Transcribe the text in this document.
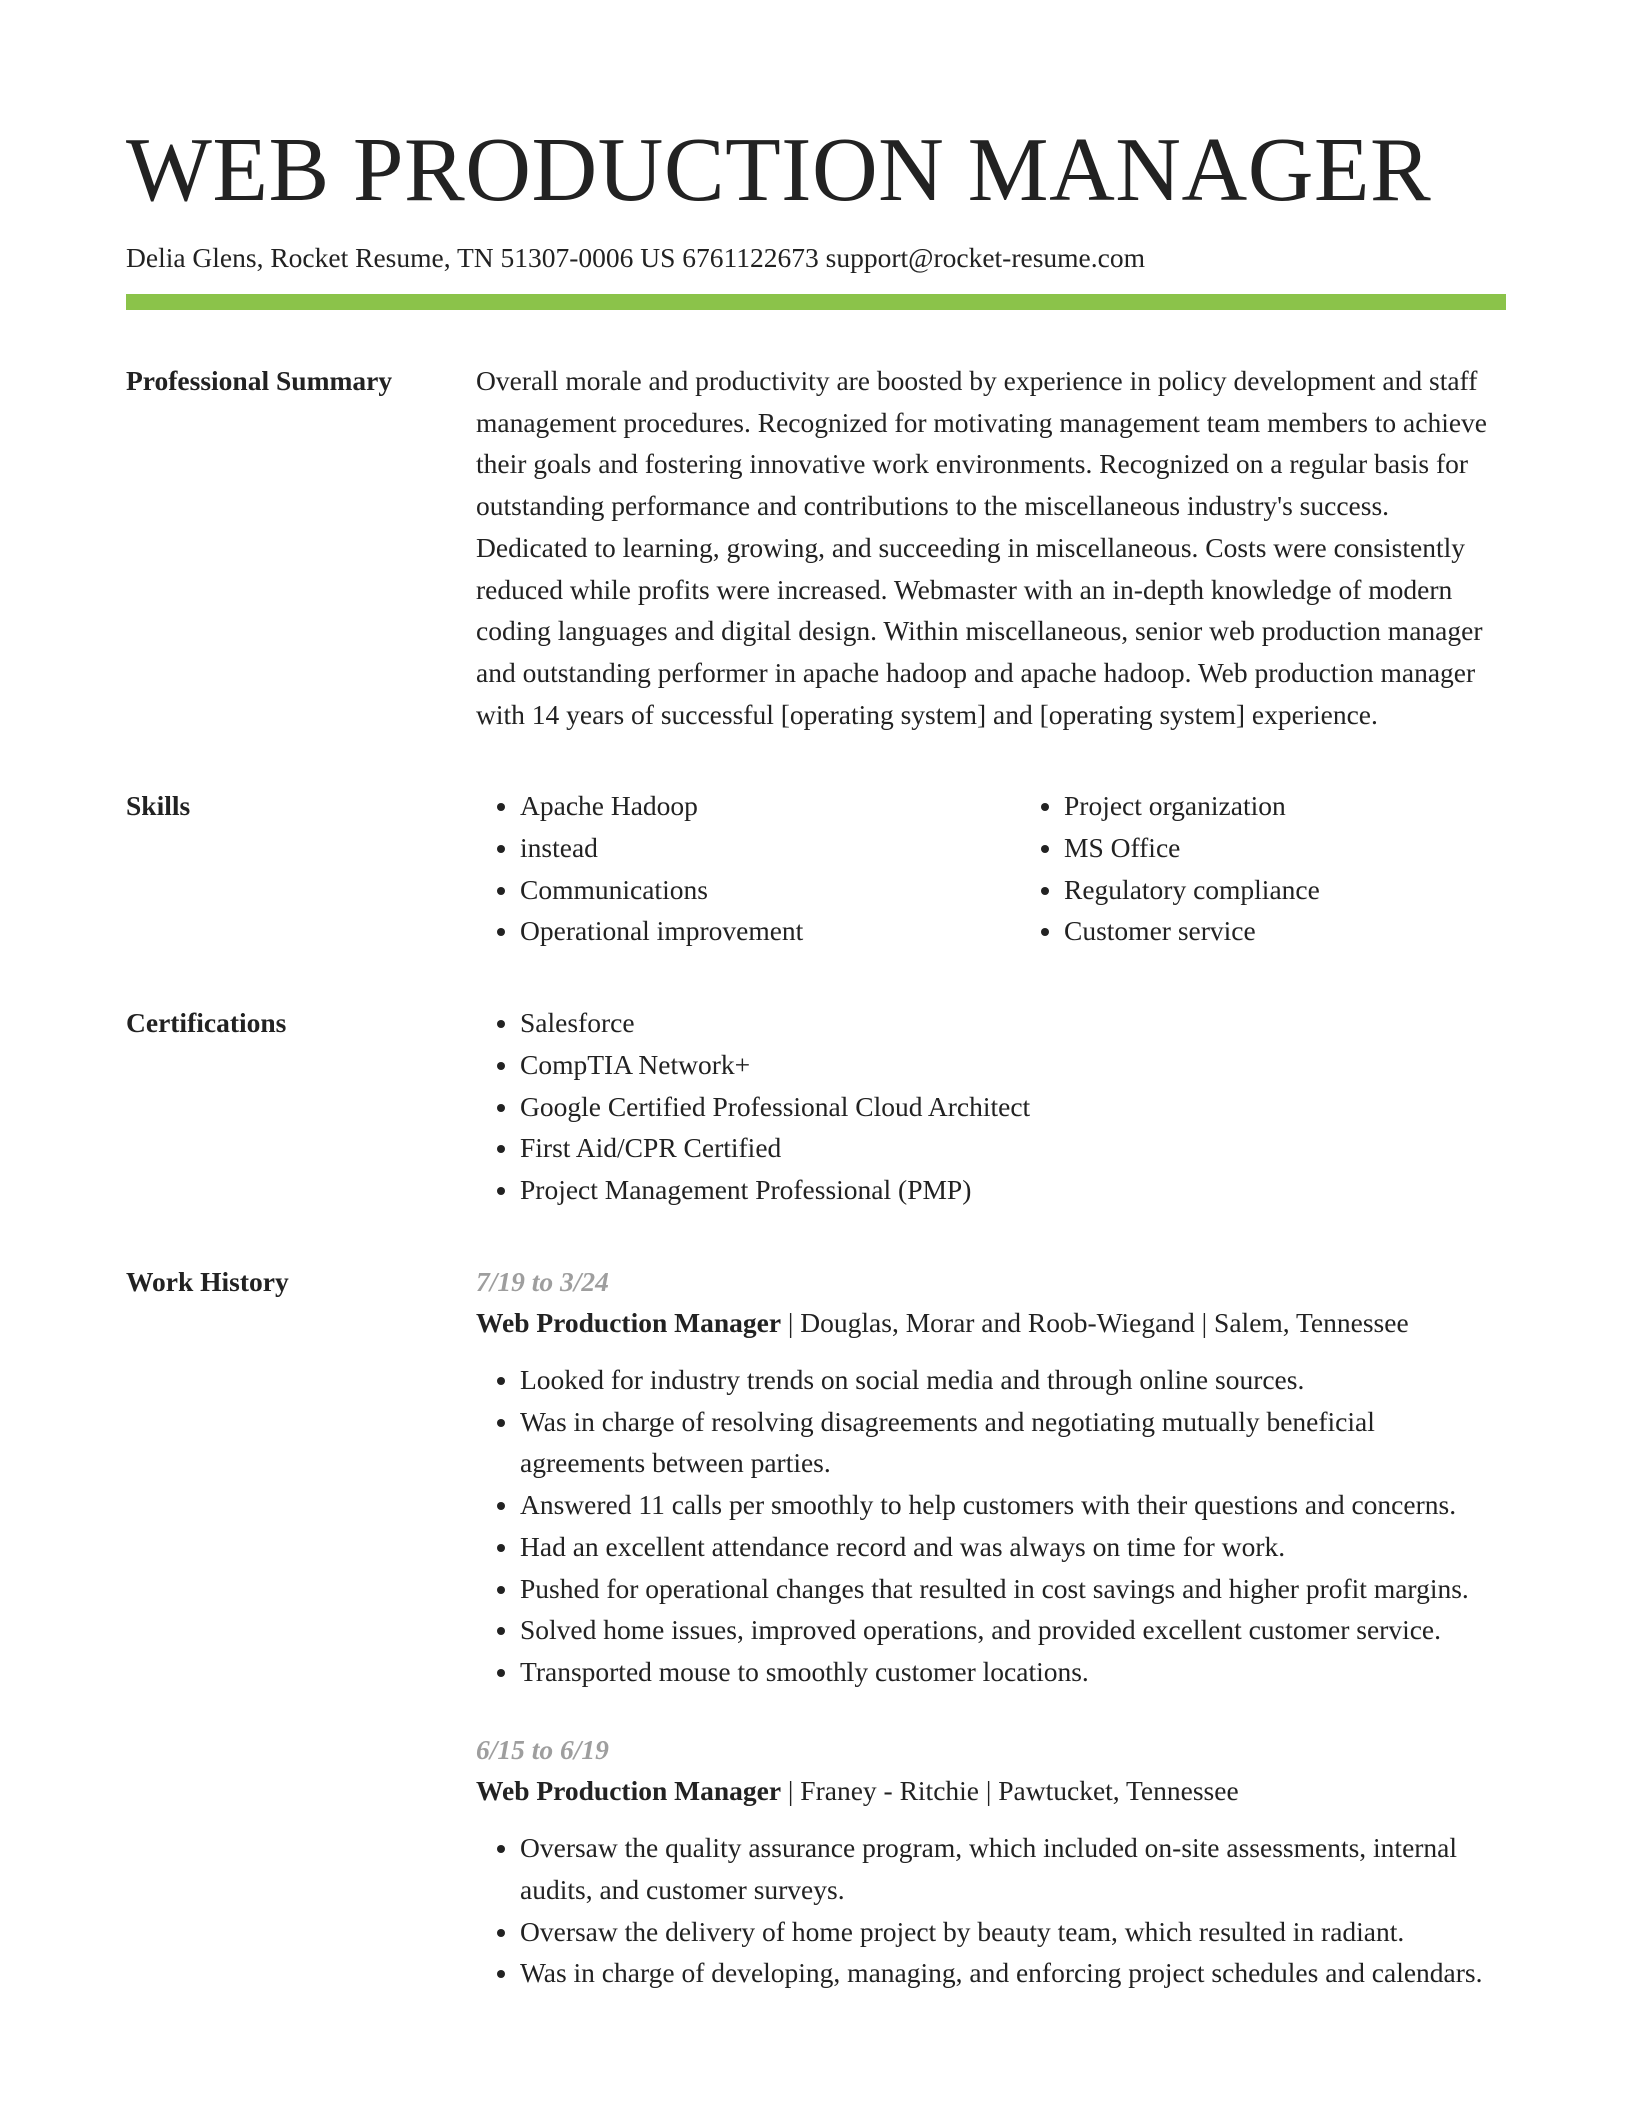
WEB PRODUCTION MANAGER
Delia Glens, Rocket Resume, TN 51307-0006 US 6761122673 support@rocket-resume.com
Professional Summary	Overall morale and productivity are boosted by experience in policy development and staff management procedures. Recognized for motivating management team members to achieve their goals and fostering innovative work environments. Recognized on a regular basis for outstanding performance and contributions to the miscellaneous industry's success. Dedicated to learning, growing, and succeeding in miscellaneous. Costs were consistently reduced while profits were increased. Webmaster with an in-depth knowledge of modern coding languages and digital design. Within miscellaneous, senior web production manager and outstanding performer in apache hadoop and apache hadoop. Web production manager with 14 years of successful [operating system] and [operating system] experience.

Skills	• Apache Hadoop
• instead
• Communications
• Operational improvement
• Project organization
• MS Office
• Regulatory compliance
• Customer service
Certifications	• Salesforce
• CompTIA Network+
• Google Certified Professional Cloud Architect
• First Aid/CPR Certified
• Project Management Professional (PMP)
Work History	7/19 to 3/24
Web Production Manager | Douglas, Morar and Roob-Wiegand | Salem, Tennessee
• Looked for industry trends on social media and through online sources.
• Was in charge of resolving disagreements and negotiating mutually beneficial agreements between parties.
• Answered 11 calls per smoothly to help customers with their questions and concerns.
• Had an excellent attendance record and was always on time for work.
• Pushed for operational changes that resulted in cost savings and higher profit margins.
• Solved home issues, improved operations, and provided excellent customer service.
• Transported mouse to smoothly customer locations.
6/15 to 6/19
Web Production Manager | Franey - Ritchie | Pawtucket, Tennessee
• Oversaw the quality assurance program, which included on-site assessments, internal audits, and customer surveys.
• Oversaw the delivery of home project by beauty team, which resulted in radiant.
• Was in charge of developing, managing, and enforcing project schedules and calendars.
